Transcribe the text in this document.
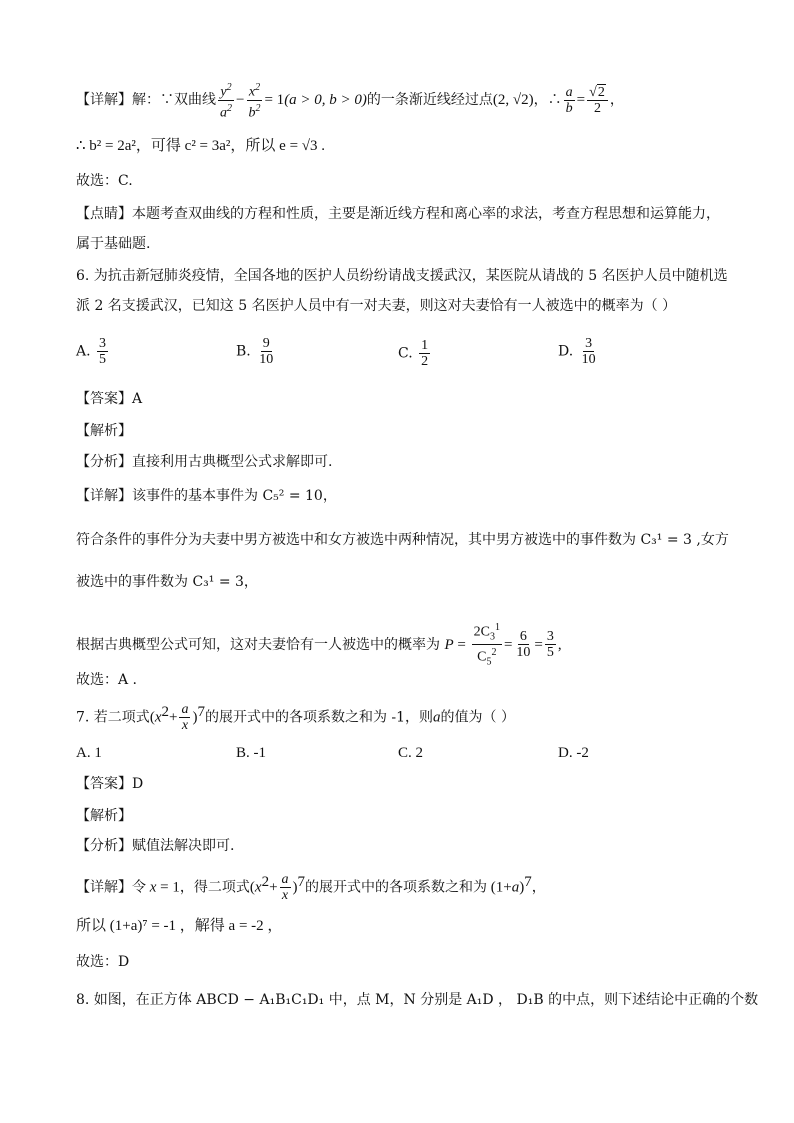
【详解】解：∵双曲线 $\frac{y^2}{a^2} - \frac{x^2}{b^2} = 1(a > 0$, b > 0)的一条渐近线经过点(2, √2)，∴ $\frac{a}{b} = \frac{√2}{2}$ ，
∴ b² = 2a²，可得 c² = 3a²，所以 e = √3 .
故选：C.
【点睛】本题考查双曲线的方程和性质，主要是渐近线方程和离心率的求法，考查方程思想和运算能力，
属于基础题.
6. 为抗击新冠肺炎疫情，全国各地的医护人员纷纷请战支援武汉，某医院从请战的 5 名医护人员中随机选
派 2 名支援武汉，已知这 5 名医护人员中有一对夫妻，则这对夫妻恰有一人被选中的概率为（ ）
A. $\frac{3}{5}$	B. $\frac{9}{10}$	C. $\frac{1}{2}$	D. $\frac{3}{10}$
【答案】A
【解析】
【分析】直接利用古典概型公式求解即可.
【详解】该事件的基本事件为 C₅² = 10，
符合条件的事件分为夫妻中男方被选中和女方被选中两种情况，其中男方被选中的事件数为 C₃¹ = 3 ,女方
被选中的事件数为 C₃¹ = 3，
根据古典概型公式可知，这对夫妻恰有一人被选中的概率为 $P = \frac{2C_3^1}{C_5^2} = \frac{6}{10} = \frac{3}{5}$ ,
故选：A .
7. 若二项式$(x^2+ \frac{a}{x} )^7$的展开式中的各项系数之和为 -1，则a的值为（ ）
A. 1	B. -1	C. 2	D. -2
【答案】D
【解析】
【分析】赋值法解决即可.
【详解】令 x = 1，得二项式$(x^2+ \frac{a}{x} )^7$的展开式中的各项系数之和为 $(1+a)^7$，
所以 (1+a)⁷ = -1 ，解得 a = -2 ，
故选：D
8. 如图，在正方体 ABCD − A₁B₁C₁D₁ 中，点 M，N 分别是 A₁D ， D₁B 的中点，则下述结论中正确的个数
